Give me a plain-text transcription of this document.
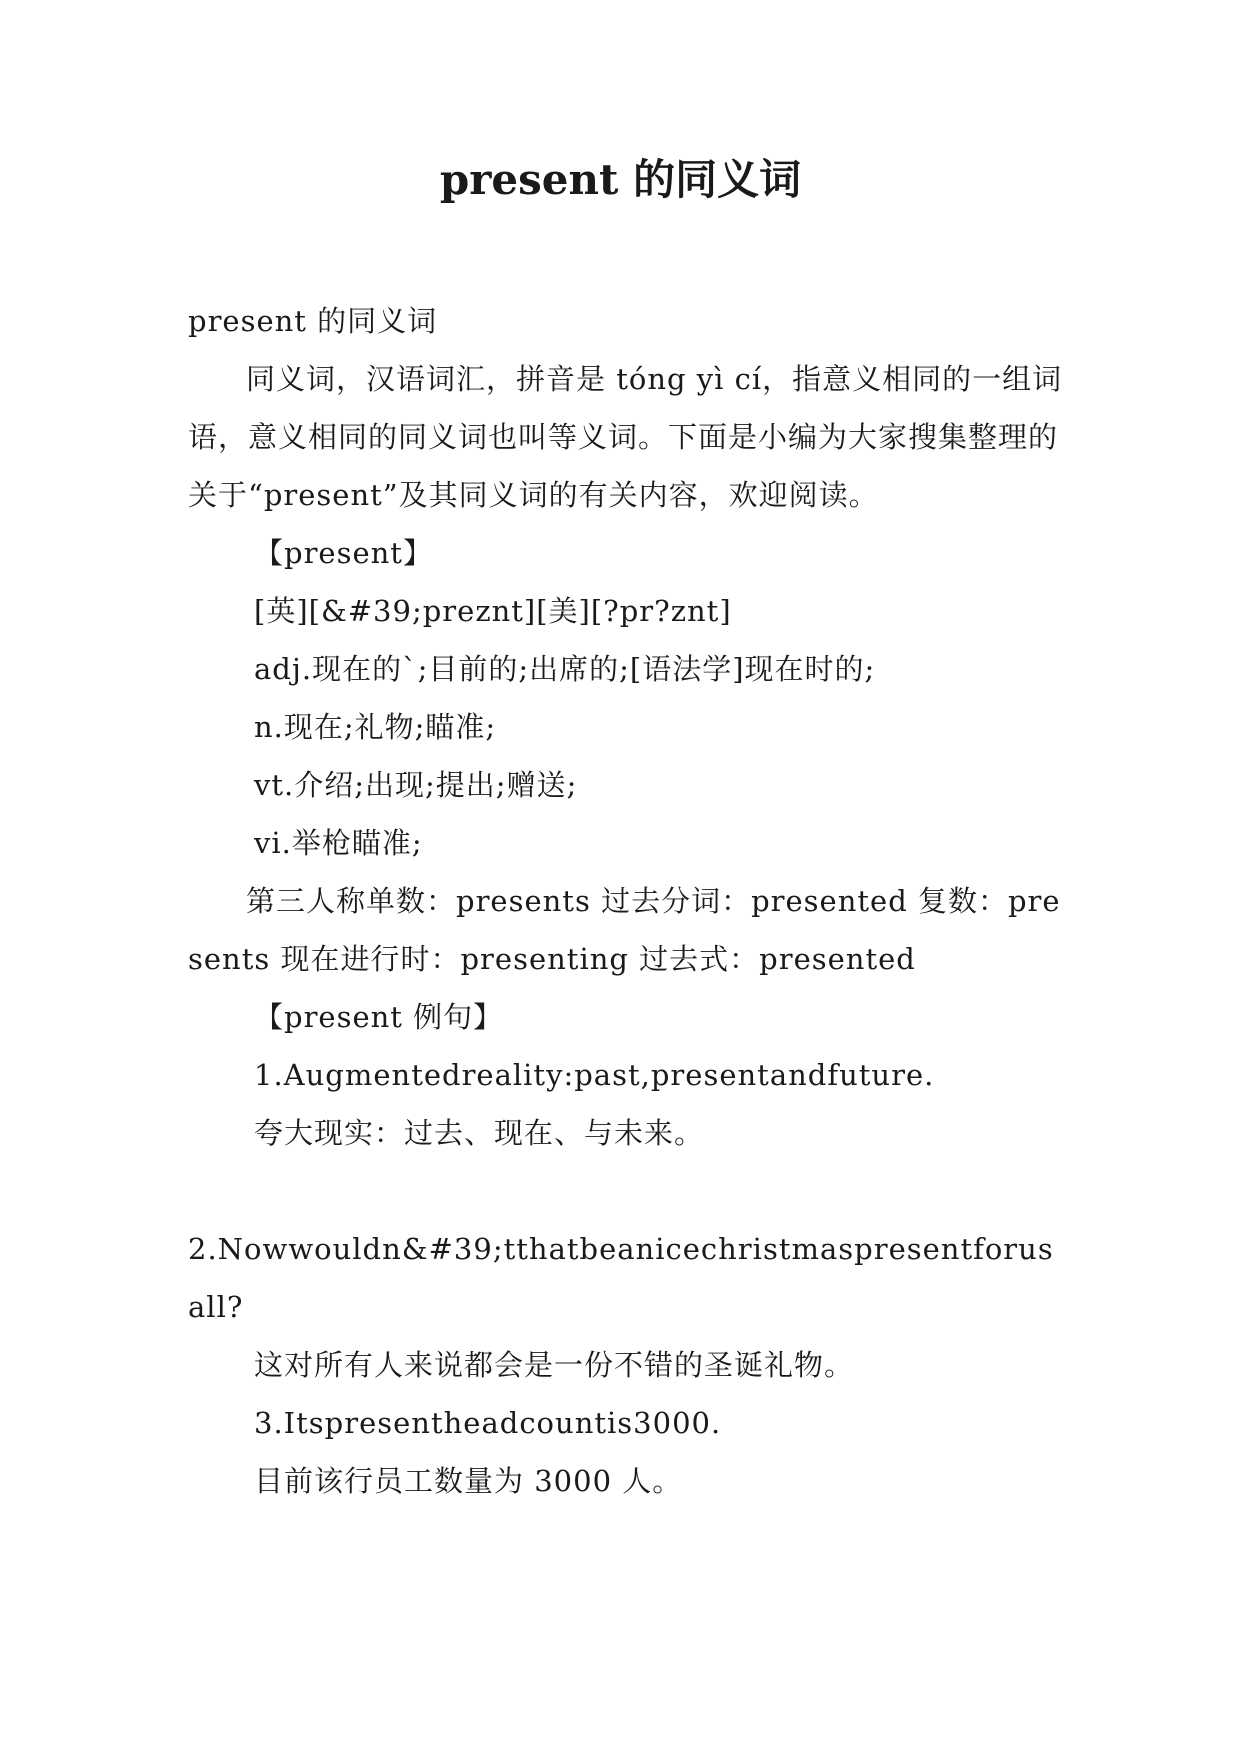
present 的同义词

present 的同义词

同义词，汉语词汇，拼音是 tóng yì cí，指意义相同的一组词语，意义相同的同义词也叫等义词。下面是小编为大家搜集整理的关于“present”及其同义词的有关内容，欢迎阅读。

【present】

[英][&#39;preznt][美][?pr?znt]

adj.现在的`;目前的;出席的;[语法学]现在时的;

n.现在;礼物;瞄准;

vt.介绍;出现;提出;赠送;

vi.举枪瞄准;

第三人称单数：presents 过去分词：presented 复数：presents 现在进行时：presenting 过去式：presented

【present 例句】

1.Augmentedreality:past,presentandfuture.

夸大现实：过去、现在、与未来。

2.Nowwouldn&#39;tthatbeanicechristmaspresentforusall?

这对所有人来说都会是一份不错的圣诞礼物。

3.Itspresentheadcountis3000.

目前该行员工数量为 3000 人。
